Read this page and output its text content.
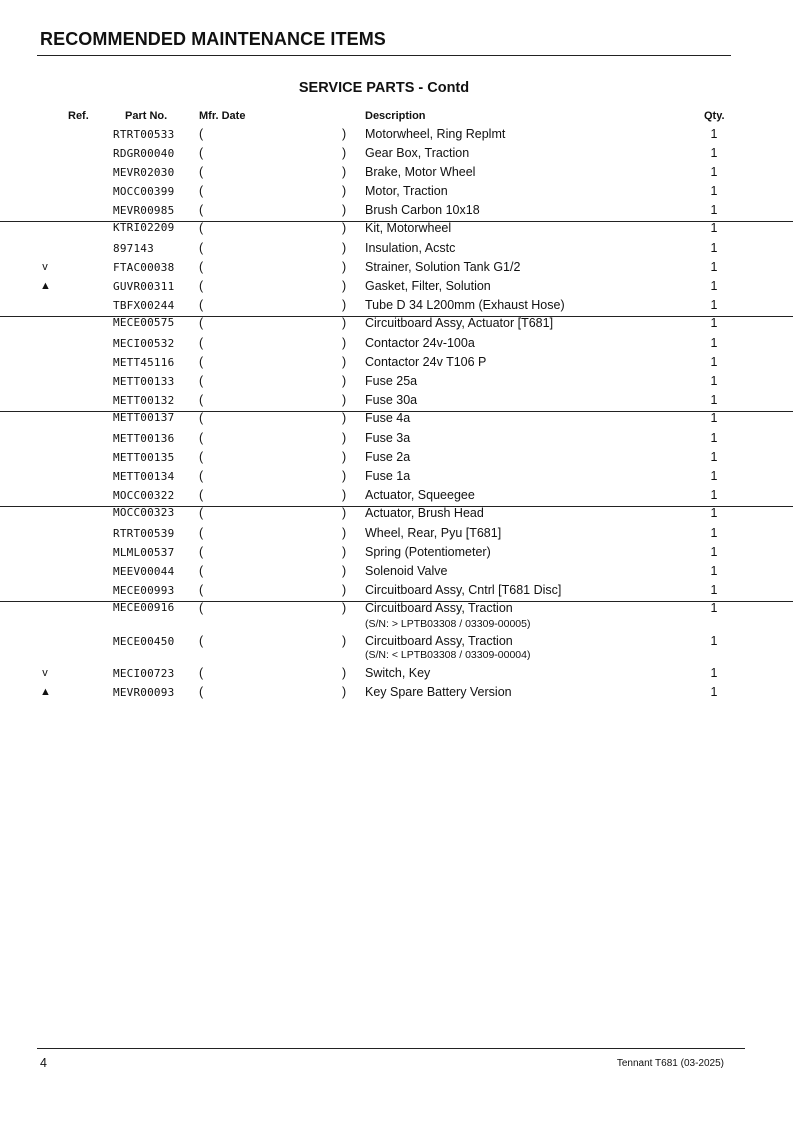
RECOMMENDED MAINTENANCE ITEMS
SERVICE PARTS - Contd
Ref.	Part No.	Mfr. Date	Description	Qty.
RTRT00533 (	) Motorwheel, Ring Replmt	1
RDGR00040 (	) Gear Box, Traction	1
MEVR02030 (	) Brake, Motor Wheel	1
MOCC00399 (	) Motor, Traction	1
MEVR00985 (	) Brush Carbon 10x18	1
KTRI02209 (	) Kit, Motorwheel	1
897143	(	) Insulation, Acstc	1
v	FTAC00038 (	) Strainer, Solution Tank G1/2	1
▲	GUVR00311 (	) Gasket, Filter, Solution	1
TBFX00244 (	) Tube D 34 L200mm (Exhaust Hose)	1
MECE00575 (	) Circuitboard Assy, Actuator [T681]	1
MECI00532 (	) Contactor 24v-100a	1
METT45116 (	) Contactor 24v T106 P	1
METT00133 (	) Fuse 25a	1
METT00132 (	) Fuse 30a	1
METT00137 (	) Fuse 4a	1
METT00136 (	) Fuse 3a	1
METT00135 (	) Fuse 2a	1
METT00134 (	) Fuse 1a	1
MOCC00322 (	) Actuator, Squeegee	1
MOCC00323 (	) Actuator, Brush Head	1
RTRT00539 (	) Wheel, Rear, Pyu [T681]	1
MLML00537 (	) Spring (Potentiometer)	1
MEEV00044 (	) Solenoid Valve	1
MECE00993 (	) Circuitboard Assy, Cntrl [T681 Disc]	1
MECE00916 (	) Circuitboard Assy, Traction	1
(S/N: > LPTB03308 / 03309-00005)
MECE00450 (	) Circuitboard Assy, Traction	1
(S/N: < LPTB03308 / 03309-00004)
v	MECI00723 (	) Switch, Key	1
▲	MEVR00093 (	) Key Spare Battery Version	1
4	Tennant T681 (03-2025)
